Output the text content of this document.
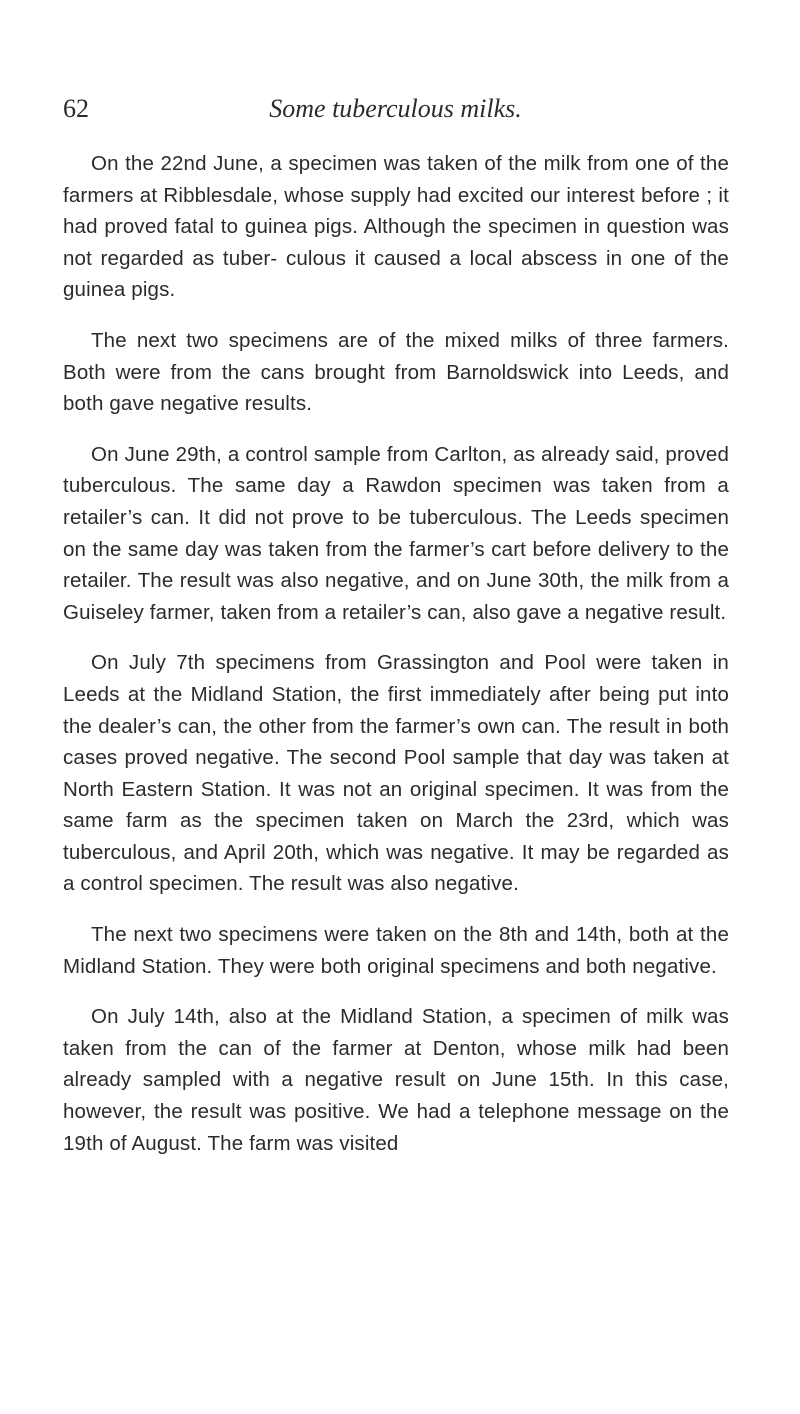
62	Some tuberculous milks.

On the 22nd June, a specimen was taken of the milk from one of the farmers at Ribblesdale, whose supply had excited our interest before ; it had proved fatal to guinea pigs. Although the specimen in question was not regarded as tuber- culous it caused a local abscess in one of the guinea pigs.

The next two specimens are of the mixed milks of three farmers. Both were from the cans brought from Barnoldswick into Leeds, and both gave negative results.

On June 29th, a control sample from Carlton, as already said, proved tuberculous. The same day a Rawdon specimen was taken from a retailer’s can. It did not prove to be tuberculous. The Leeds specimen on the same day was taken from the farmer’s cart before delivery to the retailer. The result was also negative, and on June 30th, the milk from a Guiseley farmer, taken from a retailer’s can, also gave a negative result.

On July 7th specimens from Grassington and Pool were taken in Leeds at the Midland Station, the first immediately after being put into the dealer’s can, the other from the farmer’s own can. The result in both cases proved negative. The second Pool sample that day was taken at North Eastern Station. It was not an original specimen. It was from the same farm as the specimen taken on March the 23rd, which was tuberculous, and April 20th, which was negative. It may be regarded as a control specimen. The result was also negative.

The next two specimens were taken on the 8th and 14th, both at the Midland Station. They were both original specimens and both negative.

On July 14th, also at the Midland Station, a specimen of milk was taken from the can of the farmer at Denton, whose milk had been already sampled with a negative result on June 15th. In this case, however, the result was positive. We had a telephone message on the 19th of August. The farm was visited
